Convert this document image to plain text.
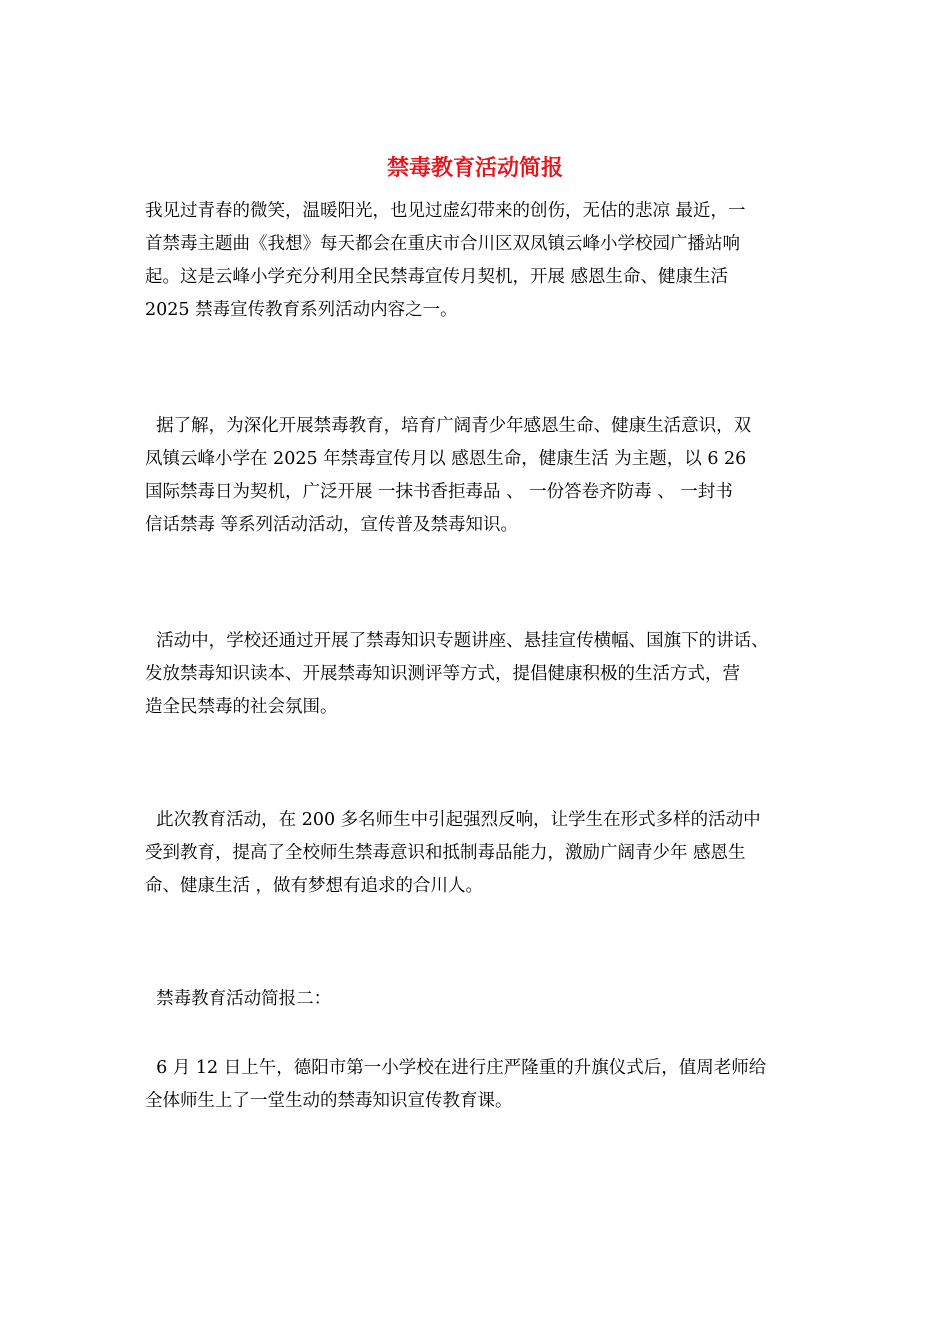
禁毒教育活动简报
我见过青春的微笑，温暖阳光，也见过虚幻带来的创伤，无估的悲凉 最近，一
首禁毒主题曲《我想》每天都会在重庆市合川区双凤镇云峰小学校园广播站响
起。这是云峰小学充分利用全民禁毒宣传月契机，开展 感恩生命、健康生活
2025 禁毒宣传教育系列活动内容之一。
据了解，为深化开展禁毒教育，培育广阔青少年感恩生命、健康生活意识，双
凤镇云峰小学在 2025 年禁毒宣传月以 感恩生命，健康生活 为主题，以 6 26
国际禁毒日为契机，广泛开展 一抹书香拒毒品 、 一份答卷齐防毒 、 一封书
信话禁毒 等系列活动活动，宣传普及禁毒知识。
活动中，学校还通过开展了禁毒知识专题讲座、悬挂宣传横幅、国旗下的讲话、
发放禁毒知识读本、开展禁毒知识测评等方式，提倡健康积极的生活方式，营
造全民禁毒的社会氛围。
此次教育活动，在 200 多名师生中引起强烈反响，让学生在形式多样的活动中
受到教育，提高了全校师生禁毒意识和抵制毒品能力，激励广阔青少年 感恩生
命、健康生活 ，做有梦想有追求的合川人。
禁毒教育活动简报二：
6 月 12 日上午，德阳市第一小学校在进行庄严隆重的升旗仪式后，值周老师给
全体师生上了一堂生动的禁毒知识宣传教育课。
